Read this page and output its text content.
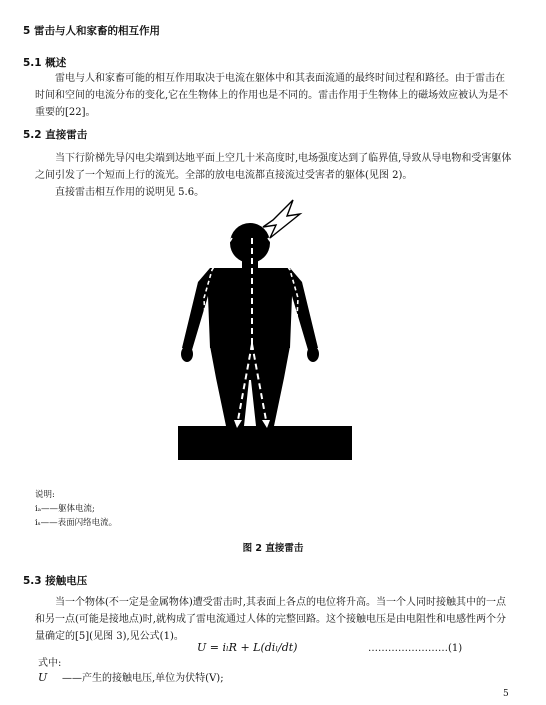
5 雷击与人和家畜的相互作用
5.1 概述
雷电与人和家畜可能的相互作用取决于电流在躯体中和其表面流通的最终时间过程和路径。由于雷击在时间和空间的电流分布的变化,它在生物体上的作用也是不同的。雷击作用于生物体上的磁场效应被认为是不重要的[22]。
5.2 直接雷击
当下行阶梯先导闪电尖端到达地平面上空几十米高度时,电场强度达到了临界值,导致从导电物和受害躯体之间引发了一个短而上行的流光。全部的放电电流都直接流过受害者的躯体(见图 2)。
直接雷击相互作用的说明见 5.6。
iₛ
说明:
iₐ——躯体电流;
iₛ——表面闪络电流。
图 2 直接雷击
5.3 接触电压
当一个物体(不一定是金属物体)遭受雷击时,其表面上各点的电位将升高。当一个人同时接触其中的一点和另一点(可能是接地点)时,就构成了雷电流通过人体的完整回路。这个接触电压是由电阻性和电感性两个分量确定的[5](见图 3),见公式(1)。
U = iₗR + L(diₗ/dt)	……………………(1)
式中:
U ——产生的接触电压,单位为伏特(V);
5
